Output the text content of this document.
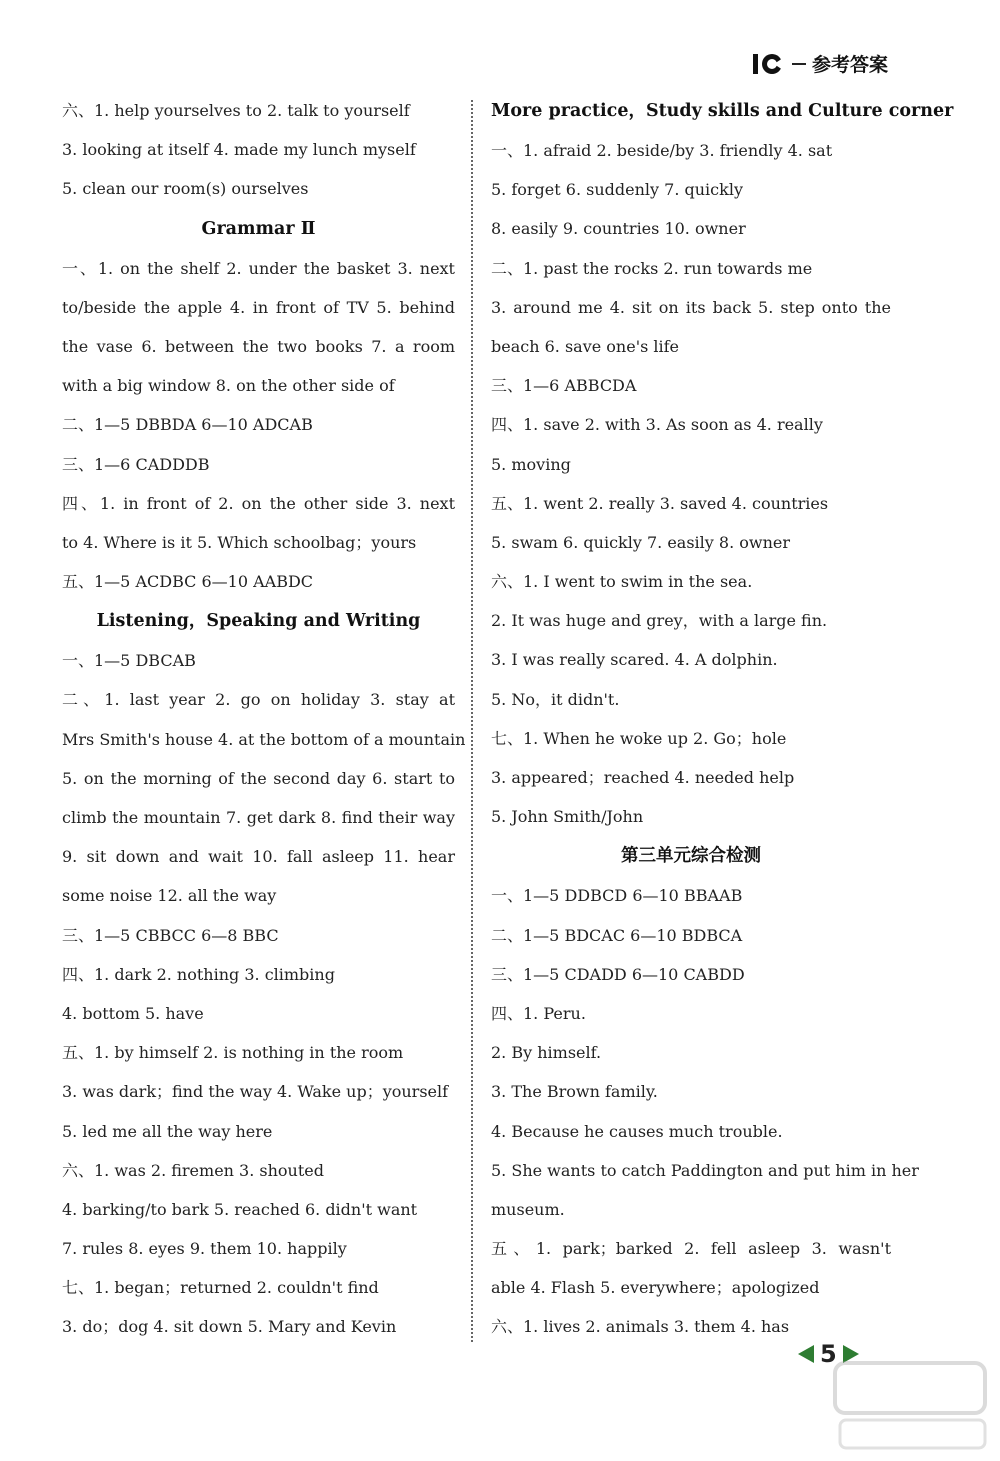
参考答案
六、1. help yourselves to 2. talk to yourself
3. looking at itself 4. made my lunch myself
5. clean our room(s) ourselves
Grammar Ⅱ
一、1. on the shelf 2. under the basket 3. next
to/beside the apple 4. in front of TV 5. behind
the vase 6. between the two books 7. a room
with a big window 8. on the other side of
二、1—5 DBBDA 6—10 ADCAB
三、1—6 CADDDB
四、1. in front of 2. on the other side 3. next
to 4. Where is it 5. Which schoolbag；yours
五、1—5 ACDBC 6—10 AABDC
Listening，Speaking and Writing
一、1—5 DBCAB
二、1. last year 2. go on holiday 3. stay at
Mrs Smith's house 4. at the bottom of a mountain
5. on the morning of the second day 6. start to
climb the mountain 7. get dark 8. find their way
9. sit down and wait 10. fall asleep 11. hear
some noise 12. all the way
三、1—5 CBBCC 6—8 BBC
四、1. dark 2. nothing 3. climbing
4. bottom 5. have
五、1. by himself 2. is nothing in the room
3. was dark；find the way 4. Wake up；yourself
5. led me all the way here
六、1. was 2. firemen 3. shouted
4. barking/to bark 5. reached 6. didn't want
7. rules 8. eyes 9. them 10. happily
七、1. began；returned 2. couldn't find
3. do；dog 4. sit down 5. Mary and Kevin
More practice，Study skills and Culture corner
一、1. afraid 2. beside/by 3. friendly 4. sat
5. forget 6. suddenly 7. quickly
8. easily 9. countries 10. owner
二、1. past the rocks 2. run towards me
3. around me 4. sit on its back 5. step onto the
beach 6. save one's life
三、1—6 ABBCDA
四、1. save 2. with 3. As soon as 4. really
5. moving
五、1. went 2. really 3. saved 4. countries
5. swam 6. quickly 7. easily 8. owner
六、1. I went to swim in the sea.
2. It was huge and grey，with a large fin.
3. I was really scared. 4. A dolphin.
5. No，it didn't.
七、1. When he woke up 2. Go；hole
3. appeared；reached 4. needed help
5. John Smith/John
第三单元综合检测
一、1—5 DDBCD 6—10 BBAAB
二、1—5 BDCAC 6—10 BDBCA
三、1—5 CDADD 6—10 CABDD
四、1. Peru.
2. By himself.
3. The Brown family.
4. Because he causes much trouble.
5. She wants to catch Paddington and put him in her
museum.
五、1. park；barked 2. fell asleep 3. wasn't
able 4. Flash 5. everywhere；apologized
六、1. lives 2. animals 3. them 4. has
5
